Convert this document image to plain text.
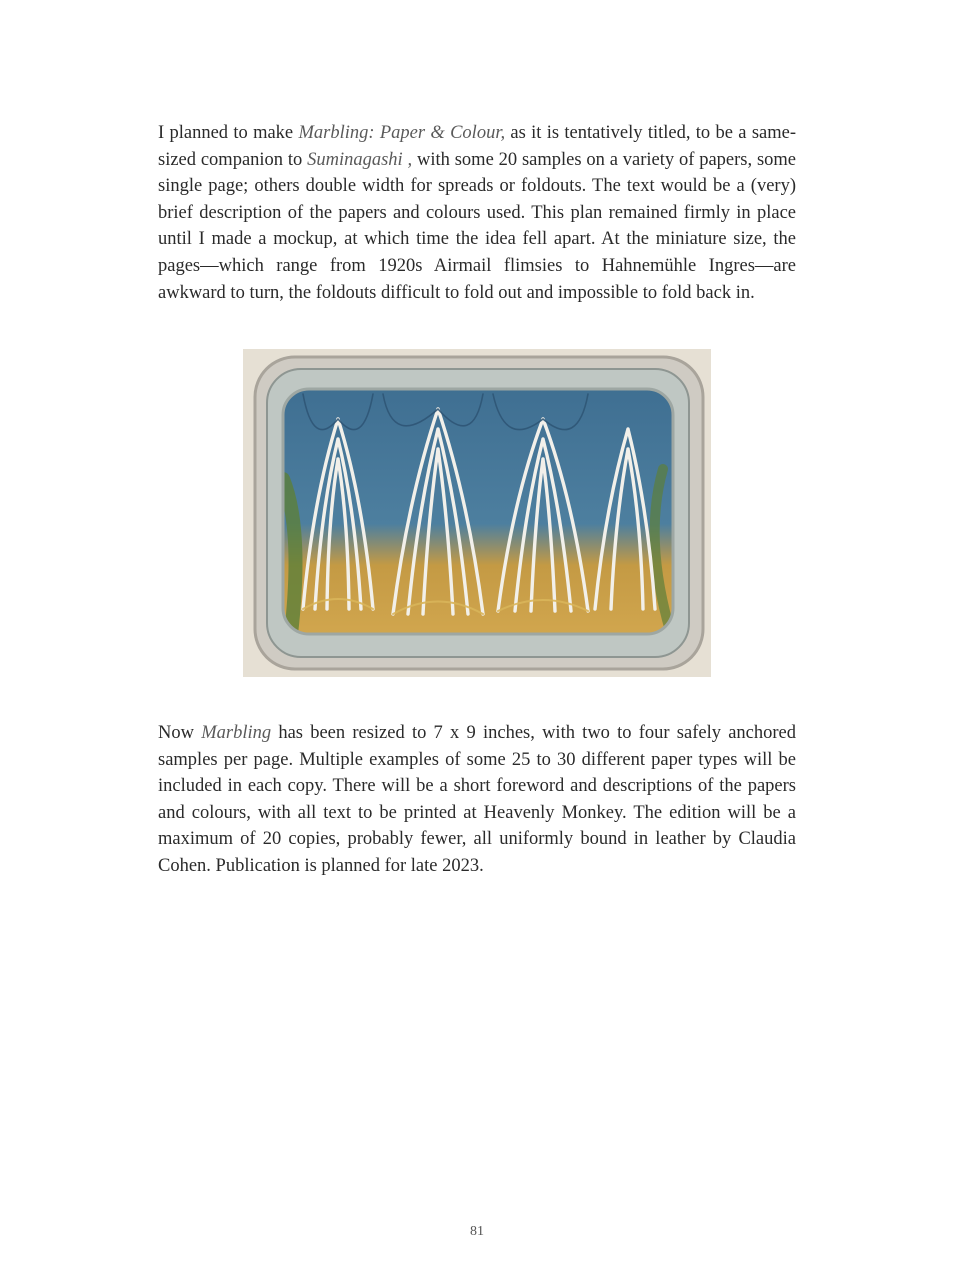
I planned to make Marbling: Paper & Colour, as it is tentatively titled, to be a same-sized companion to Suminagashi , with some 20 samples on a variety of papers, some single page; others double width for spreads or foldouts. The text would be a (very) brief description of the papers and colours used. This plan remained firmly in place until I made a mockup, at which time the idea fell apart. At the miniature size, the pages—which range from 1920s Airmail flimsies to Hahnemühle Ingres—are awkward to turn, the foldouts difficult to fold out and impossible to fold back in.

Now Marbling has been resized to 7 x 9 inches, with two to four safely anchored samples per page. Multiple examples of some 25 to 30 different paper types will be included in each copy. There will be a short foreword and descriptions of the papers and colours, with all text to be printed at Heavenly Monkey. The edition will be a maximum of 20 copies, probably fewer, all uniformly bound in leather by Claudia Cohen. Publication is planned for late 2023.

81
